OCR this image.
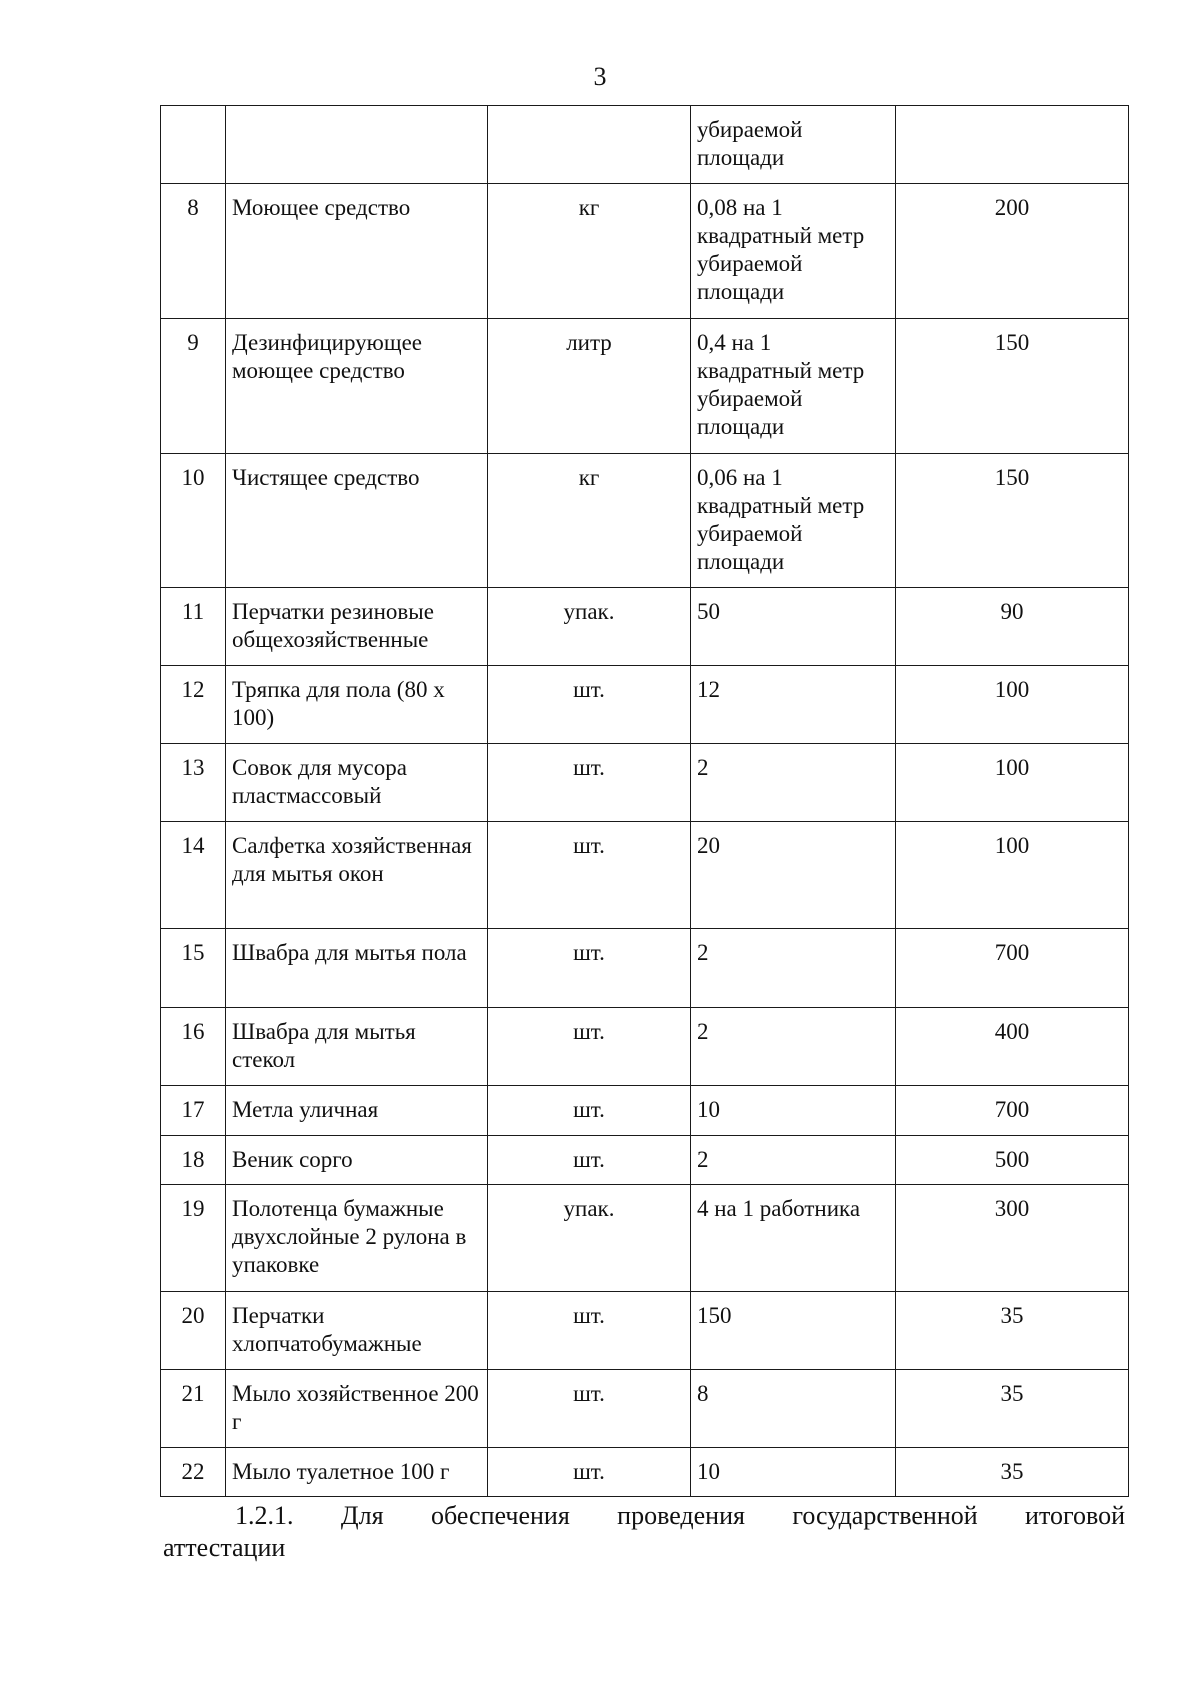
3
			убираемой площади	
8	Моющее средство	кг	0,08 на 1 квадратный метр убираемой площади	200
9	Дезинфицирующее моющее средство	литр	0,4 на 1 квадратный метр убираемой площади	150
10	Чистящее средство	кг	0,06 на 1 квадратный метр убираемой площади	150
11	Перчатки резиновые общехозяйственные	упак.	50	90
12	Тряпка для пола (80 х 100)	шт.	12	100
13	Совок для мусора пластмассовый	шт.	2	100
14	Салфетка хозяйственная для мытья окон	шт.	20	100
15	Швабра для мытья пола	шт.	2	700
16	Швабра для мытья стекол	шт.	2	400
17	Метла уличная	шт.	10	700
18	Веник сорго	шт.	2	500
19	Полотенца бумажные двухслойные 2 рулона в упаковке	упак.	4 на 1 работника	300
20	Перчатки хлопчатобумажные	шт.	150	35
21	Мыло хозяйственное 200 г	шт.	8	35
22	Мыло туалетное 100 г	шт.	10	35

1.2.1. Для обеспечения проведения государственной итоговой

аттестации
